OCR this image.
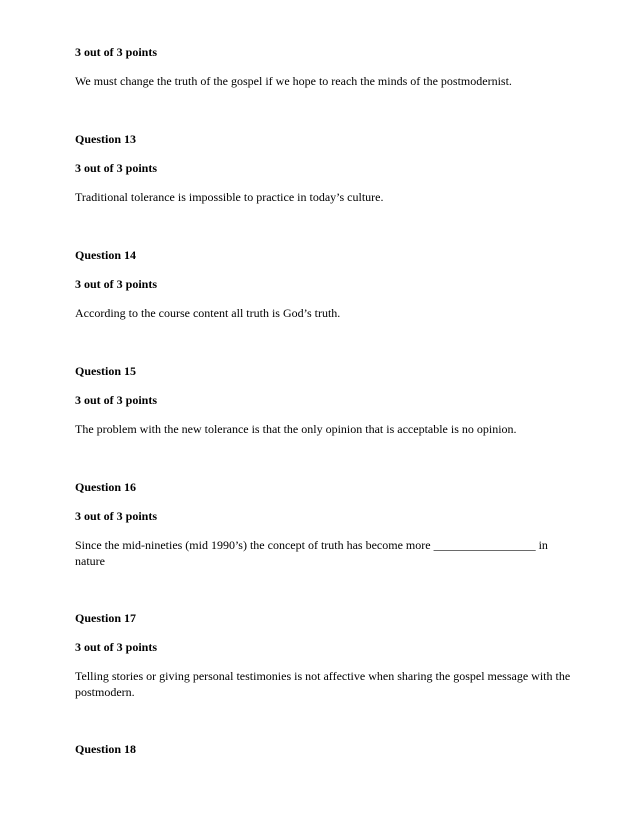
3 out of 3 points
We must change the truth of the gospel if we hope to reach the minds of the postmodernist.
Question 13
3 out of 3 points
Traditional tolerance is impossible to practice in today’s culture.
Question 14
3 out of 3 points
According to the course content all truth is God’s truth.
Question 15
3 out of 3 points
The problem with the new tolerance is that the only opinion that is acceptable is no opinion.
Question 16
3 out of 3 points
Since the mid-nineties (mid 1990’s) the concept of truth has become more _________________ in
nature
Question 17
3 out of 3 points
Telling stories or giving personal testimonies is not affective when sharing the gospel message with the
postmodern.
Question 18
